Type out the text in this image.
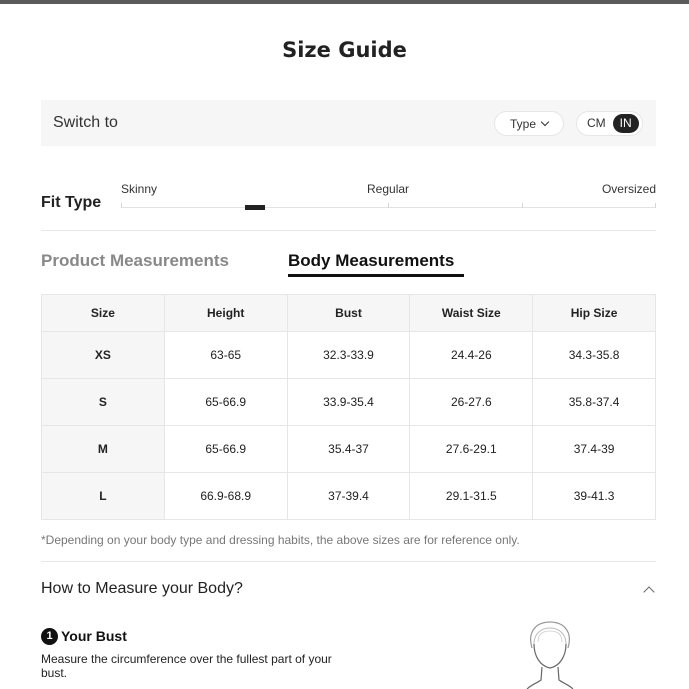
Size Guide
Switch to	Type	CM	IN
Fit Type
Skinny	Regular	Oversized
Product Measurements	Body Measurements
Size	Height	Bust	Waist Size	Hip Size
XS	63-65	32.3-33.9	24.4-26	34.3-35.8
S	65-66.9	33.9-35.4	26-27.6	35.8-37.4
M	65-66.9	35.4-37	27.6-29.1	37.4-39
L	66.9-68.9	37-39.4	29.1-31.5	39-41.3
*Depending on your body type and dressing habits, the above sizes are for reference only.
How to Measure your Body?
1 Your Bust
Measure the circumference over the fullest part of your bust.
